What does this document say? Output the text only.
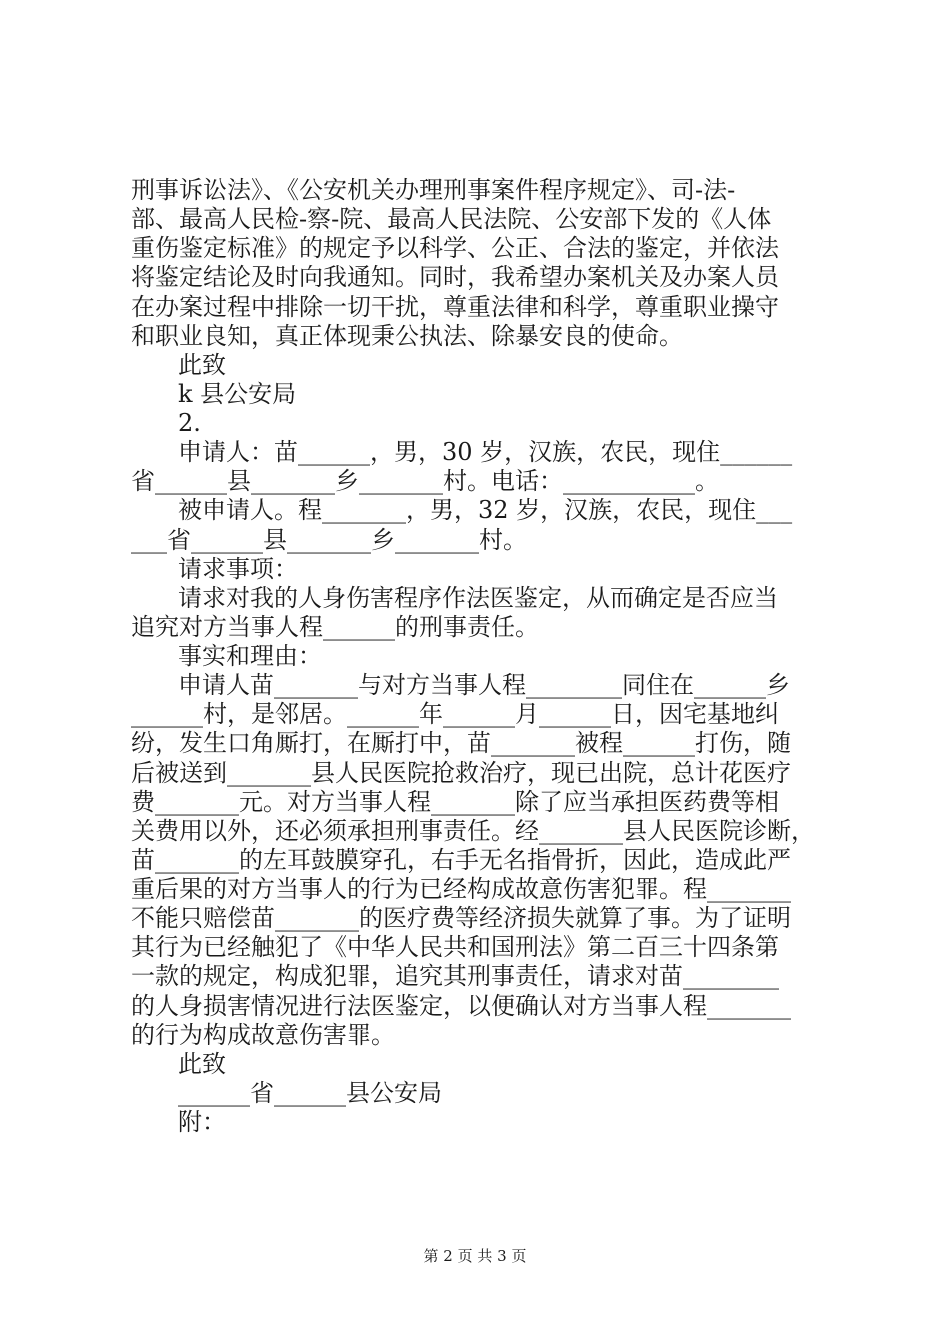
刑事诉讼法》、《公安机关办理刑事案件程序规定》、司-法-
部、最高人民检-察-院、最高人民法院、公安部下发的《人体
重伤鉴定标准》的规定予以科学、公正、合法的鉴定，并依法
将鉴定结论及时向我通知。同时，我希望办案机关及办案人员
在办案过程中排除一切干扰，尊重法律和科学，尊重职业操守
和职业良知，真正体现秉公执法、除暴安良的使命。
此致
k 县公安局
2.
申请人：苗______，男，30 岁，汉族，农民，现住______
省______县_______乡_______村。电话：___________。
被申请人。程_______，男，32 岁，汉族，农民，现住___
___省______县_______乡_______村。
请求事项：
请求对我的人身伤害程序作法医鉴定，从而确定是否应当
追究对方当事人程______的刑事责任。
事实和理由：
申请人苗_______与对方当事人程________同住在______乡
______村，是邻居。______年______月______日，因宅基地纠
纷，发生口角厮打，在厮打中，苗_______被程______打伤，随
后被送到_______县人民医院抢救治疗，现已出院，总计花医疗
费_______元。对方当事人程_______除了应当承担医药费等相
关费用以外，还必须承担刑事责任。经_______县人民医院诊断，
苗_______的左耳鼓膜穿孔，右手无名指骨折，因此，造成此严
重后果的对方当事人的行为已经构成故意伤害犯罪。程_______
不能只赔偿苗_______的医疗费等经济损失就算了事。为了证明
其行为已经触犯了《中华人民共和国刑法》第二百三十四条第
一款的规定，构成犯罪，追究其刑事责任，请求对苗________
的人身损害情况进行法医鉴定，以便确认对方当事人程_______
的行为构成故意伤害罪。
此致
______省______县公安局
附：
第 2 页 共 3 页
